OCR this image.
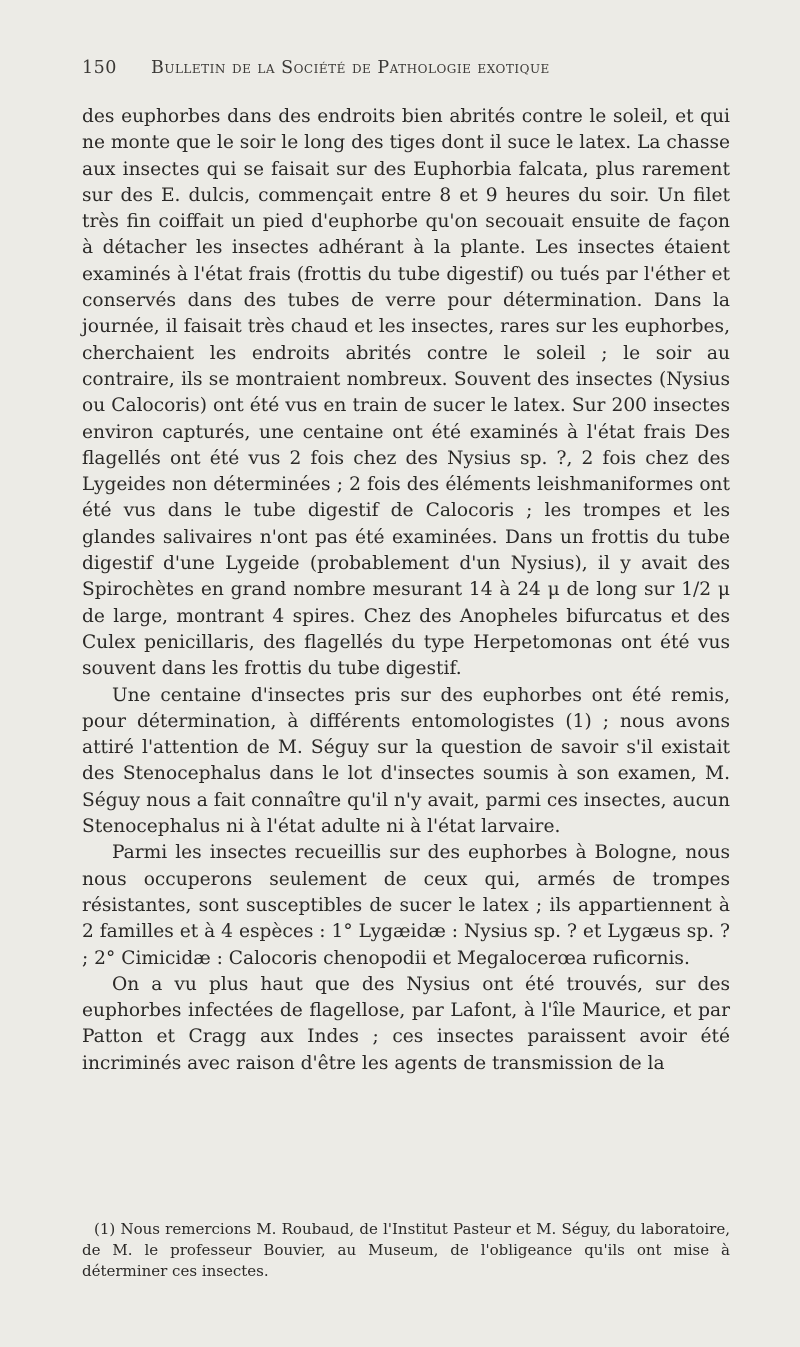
150 Bulletin de la Société de Pathologie exotique

des euphorbes dans des endroits bien abrités contre le soleil, et qui ne monte que le soir le long des tiges dont il suce le latex. La chasse aux insectes qui se faisait sur des Euphorbia falcata, plus rarement sur des E. dulcis, commençait entre 8 et 9 heures du soir. Un filet très fin coiffait un pied d'euphorbe qu'on secouait ensuite de façon à détacher les insectes adhérant à la plante. Les insectes étaient examinés à l'état frais (frottis du tube digestif) ou tués par l'éther et conservés dans des tubes de verre pour détermination. Dans la journée, il faisait très chaud et les insectes, rares sur les euphorbes, cherchaient les endroits abrités contre le soleil ; le soir au contraire, ils se montraient nombreux. Souvent des insectes (Nysius ou Calocoris) ont été vus en train de sucer le latex. Sur 200 insectes environ capturés, une centaine ont été examinés à l'état frais Des flagellés ont été vus 2 fois chez des Nysius sp. ?, 2 fois chez des Lygeides non déterminées ; 2 fois des éléments leishmaniformes ont été vus dans le tube digestif de Calocoris ; les trompes et les glandes salivaires n'ont pas été examinées. Dans un frottis du tube digestif d'une Lygeide (probablement d'un Nysius), il y avait des Spirochètes en grand nombre mesurant 14 à 24 μ de long sur 1/2 μ de large, montrant 4 spires. Chez des Anopheles bifurcatus et des Culex penicillaris, des flagellés du type Herpetomonas ont été vus souvent dans les frottis du tube digestif.

Une centaine d'insectes pris sur des euphorbes ont été remis, pour détermination, à différents entomologistes (1) ; nous avons attiré l'attention de M. Séguy sur la question de savoir s'il existait des Stenocephalus dans le lot d'insectes soumis à son examen, M. Séguy nous a fait connaître qu'il n'y avait, parmi ces insectes, aucun Stenocephalus ni à l'état adulte ni à l'état larvaire.

Parmi les insectes recueillis sur des euphorbes à Bologne, nous nous occuperons seulement de ceux qui, armés de trompes résistantes, sont susceptibles de sucer le latex ; ils appartiennent à 2 familles et à 4 espèces : 1° Lygæidæ : Nysius sp. ? et Lygæus sp. ? ; 2° Cimicidæ : Calocoris chenopodii et Megalocerœa ruficornis.

On a vu plus haut que des Nysius ont été trouvés, sur des euphorbes infectées de flagellose, par Lafont, à l'île Maurice, et par Patton et Cragg aux Indes ; ces insectes paraissent avoir été incriminés avec raison d'être les agents de transmission de la

(1) Nous remercions M. Roubaud, de l'Institut Pasteur et M. Séguy, du laboratoire, de M. le professeur Bouvier, au Museum, de l'obligeance qu'ils ont mise à déterminer ces insectes.
